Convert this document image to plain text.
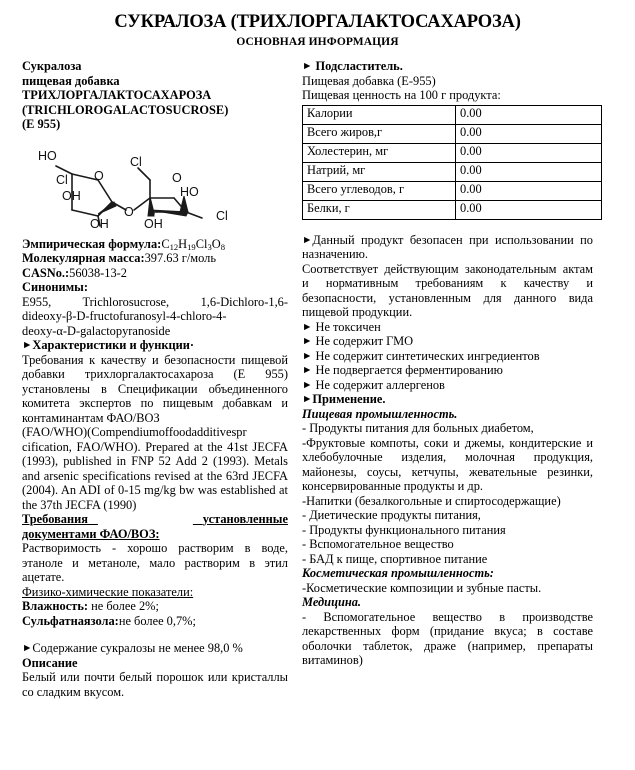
СУКРАЛОЗА (ТРИХЛОРГАЛАКТОСАХАРОЗА)
ОСНОВНАЯ ИНФОРМАЦИЯ
Сукралоза
пищевая добавка
ТРИХЛОРГАЛАКТОСАХАРОЗА
(TRICHLOROGALACTOSUCROSE)
(E 955)
HO
Cl
OH
O
OH
O
Cl
O
HO
OH
Cl
Эмпирическая $формула:C_{12}H_{19}Cl_3O_8$
Молекулярная масса:397.63 г/моль
CASNo.:56038-13-2
Синонимы:
E955, Trichlorosucrose, 1,6-Dichloro-1,6-
dideoxy-β-D-fructofuranosyl-4-chloro-4-
deoxy-α-D-galactopyranoside
►Характеристики и функции·
Требования к качеству и безопасности пищевой добавки трихлоргалактосахароза (Е 955) установлены в Спецификации объединенного комитета экспертов по пищевым добавкам и контаминантам ФАО/ВОЗ
(FAO/WHO)(Compendiumoffoodadditivespr
cification, FAO/WHO). Prepared at the 41st JECFA (1993), published in FNP 52 Add 2 (1993). Metals and arsenic specifications revised at the 63rd JECFA (2004). An ADI of 0-15 mg/kg bw was established at the 37th JECFA (1990)
Требования	установленные
документами ФАО/ВОЗ:
Растворимость - хорошо растворим в воде, этаноле и метаноле, мало растворим в этил ацетате.
Физико-химические показатели:
Влажность: не более 2%;
Сульфатнаязола:не более 0,7%;
►Содержание сукралозы не менее 98,0 %
Описание
Белый или почти белый порошок или кристаллы со сладким вкусом.
► Подсластитель.
Пищевая добавка (Е-955)
Пищевая ценность на 100 г продукта:
Калории	0.00
Всего жиров,г	0.00
Холестерин, мг	0.00
Натрий, мг	0.00
Всего углеводов, г	0.00
Белки, г	0.00
►Данный продукт безопасен при использовании по назначению.
Соответствует действующим законодательным актам и нормативным требованиям к качеству и безопасности, установленным для данного вида пищевой продукции.
► Не токсичен
► Не содержит ГМО
► Не содержит синтетических ингредиентов
► Не подвергается ферментированию
► Не содержит аллергенов
►Применение.
Пищевая промышленность.
- Продукты питания для больных диабетом,
-Фруктовые компоты, соки и джемы, кондитерские и хлебобулочные изделия, молочная продукция, майонезы, соусы, кетчупы, жевательные резинки, консервированные продукты и др.
-Напитки (безалкогольные и спиртосодержащие)
- Диетические продукты питания,
- Продукты функционального питания
- Вспомогательное вещество
- БАД к пище, спортивное питание
Косметическая промышленность:
-Косметические композиции и зубные пасты.
Медицина.
- Вспомогательное вещество в производстве лекарственных форм (придание вкуса; в составе оболочки таблеток, драже (например, препараты витаминов)
